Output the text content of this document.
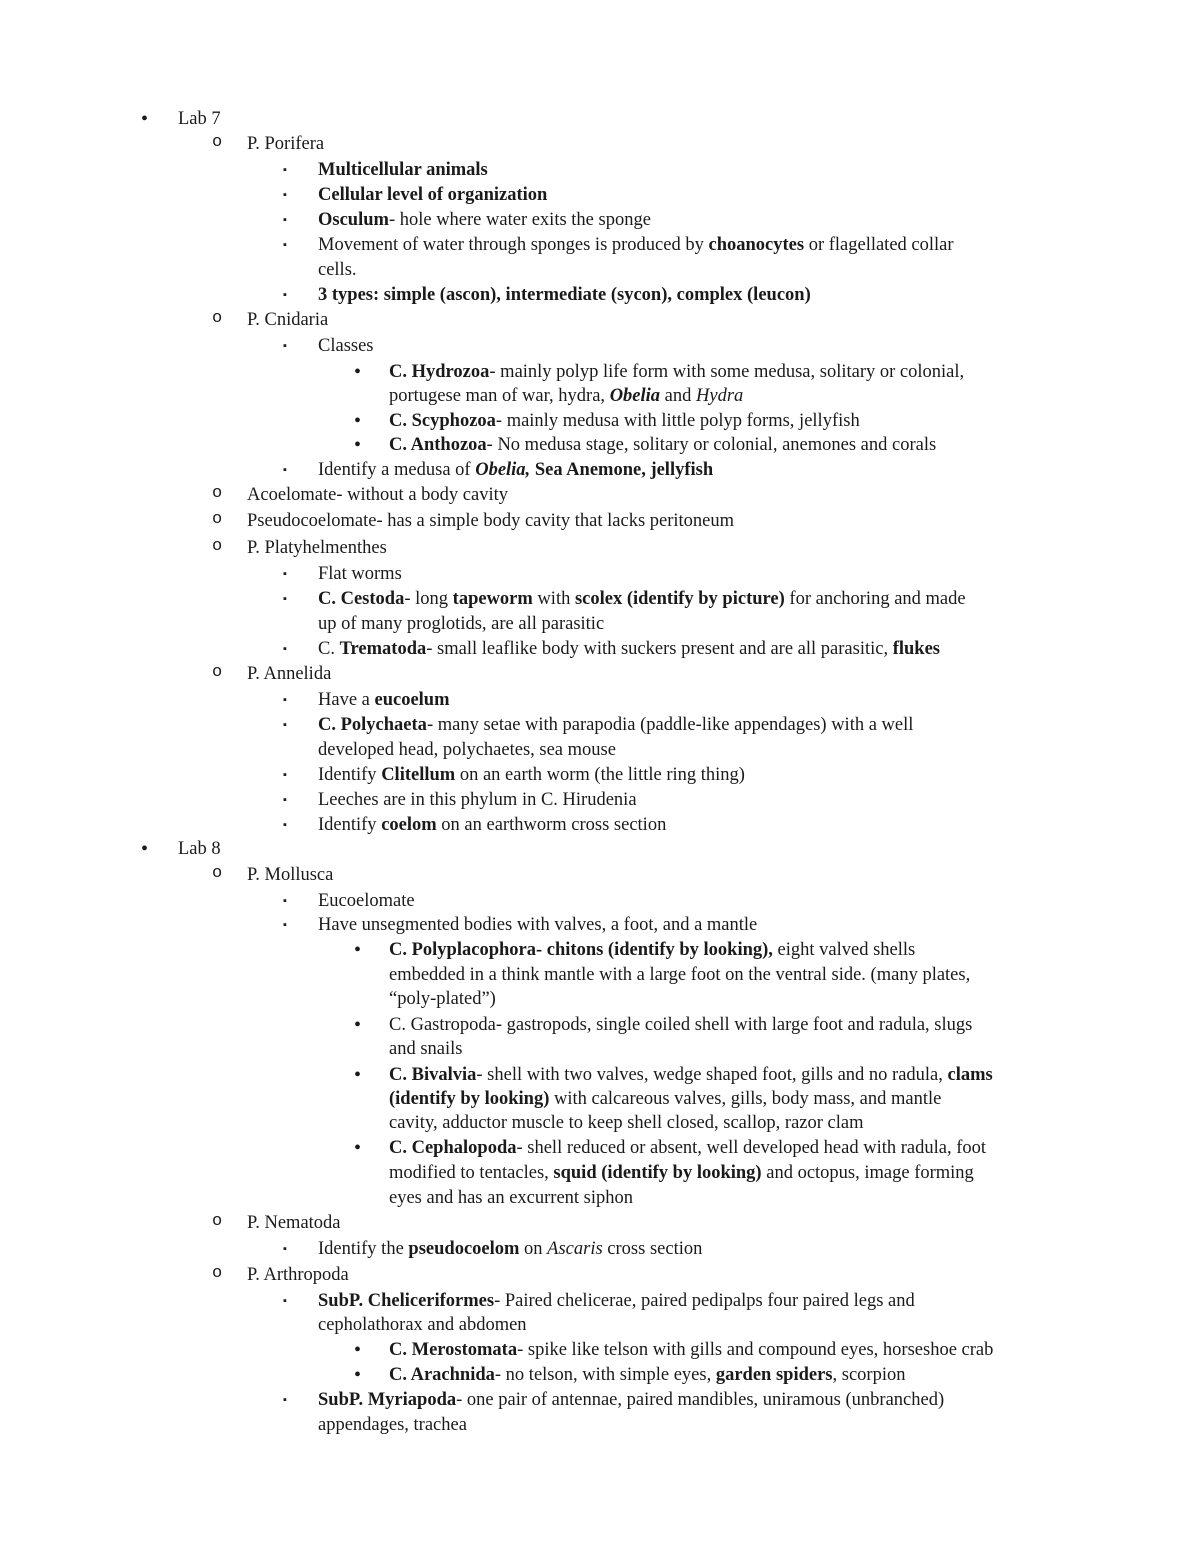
• Lab 7
o P. Porifera
▪ Multicellular animals
▪ Cellular level of organization
▪ Osculum- hole where water exits the sponge
▪ Movement of water through sponges is produced by choanocytes or flagellated collar
cells.
▪ 3 types: simple (ascon), intermediate (sycon), complex (leucon)
o P. Cnidaria
▪ Classes
• C. Hydrozoa- mainly polyp life form with some medusa, solitary or colonial,
portugese man of war, hydra, Obelia and Hydra
• C. Scyphozoa- mainly medusa with little polyp forms, jellyfish
• C. Anthozoa- No medusa stage, solitary or colonial, anemones and corals
▪ Identify a medusa of Obelia, Sea Anemone, jellyfish
o Acoelomate- without a body cavity
o Pseudocoelomate- has a simple body cavity that lacks peritoneum
o P. Platyhelmenthes
▪ Flat worms
▪ C. Cestoda- long tapeworm with scolex (identify by picture) for anchoring and made
up of many proglotids, are all parasitic
▪ C. Trematoda- small leaflike body with suckers present and are all parasitic, flukes
o P. Annelida
▪ Have a eucoelum
▪ C. Polychaeta- many setae with parapodia (paddle-like appendages) with a well
developed head, polychaetes, sea mouse
▪ Identify Clitellum on an earth worm (the little ring thing)
▪ Leeches are in this phylum in C. Hirudenia
▪ Identify coelom on an earthworm cross section
• Lab 8
o P. Mollusca
▪ Eucoelomate
▪ Have unsegmented bodies with valves, a foot, and a mantle
• C. Polyplacophora- chitons (identify by looking), eight valved shells
embedded in a think mantle with a large foot on the ventral side. (many plates,
“poly-plated”)
• C. Gastropoda- gastropods, single coiled shell with large foot and radula, slugs
and snails
• C. Bivalvia- shell with two valves, wedge shaped foot, gills and no radula, clams
(identify by looking) with calcareous valves, gills, body mass, and mantle
cavity, adductor muscle to keep shell closed, scallop, razor clam
• C. Cephalopoda- shell reduced or absent, well developed head with radula, foot
modified to tentacles, squid (identify by looking) and octopus, image forming
eyes and has an excurrent siphon
o P. Nematoda
▪ Identify the pseudocoelom on Ascaris cross section
o P. Arthropoda
▪ SubP. Cheliceriformes- Paired chelicerae, paired pedipalps four paired legs and
cepholathorax and abdomen
• C. Merostomata- spike like telson with gills and compound eyes, horseshoe crab
• C. Arachnida- no telson, with simple eyes, garden spiders, scorpion
▪ SubP. Myriapoda- one pair of antennae, paired mandibles, uniramous (unbranched)
appendages, trachea
